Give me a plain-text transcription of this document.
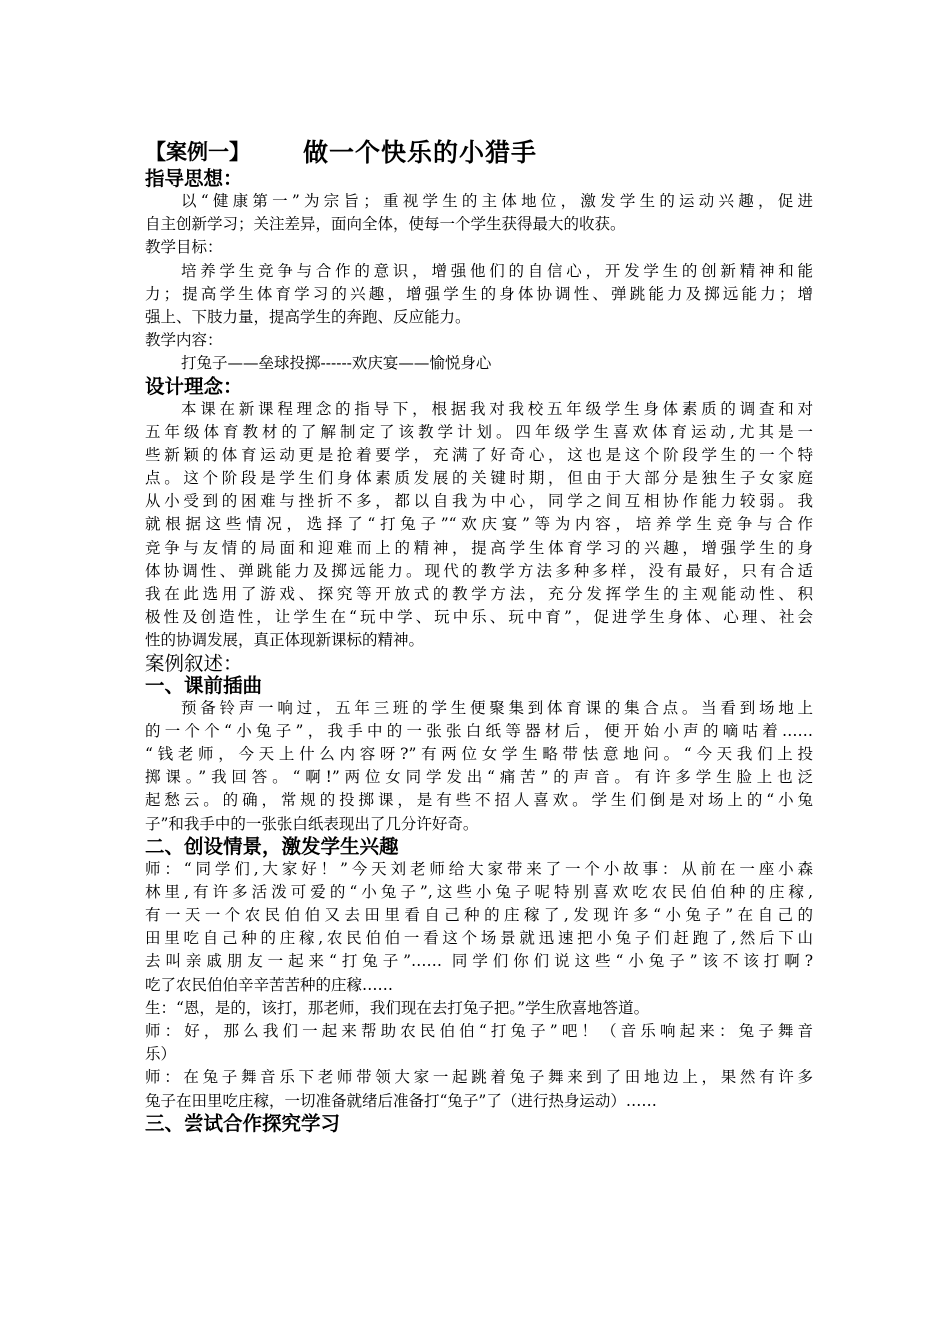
【案例一】	做一个快乐的小猎手
指导思想：
以“健康第一”为宗旨；重视学生的主体地位，激发学生的运动兴趣，促进
自主创新学习；关注差异，面向全体，使每一个学生获得最大的收获。
教学目标：
培养学生竞争与合作的意识，增强他们的自信心，开发学生的创新精神和能
力；提高学生体育学习的兴趣，增强学生的身体协调性、弹跳能力及掷远能力；增
强上、下肢力量，提高学生的奔跑、反应能力。
教学内容：
打兔子——垒球投掷------欢庆宴——愉悦身心
设计理念：
本课在新课程理念的指导下，根据我对我校五年级学生身体素质的调查和对
五年级体育教材的了解制定了该教学计划。四年级学生喜欢体育运动,尤其是一
些新颖的体育运动更是抢着要学，充满了好奇心，这也是这个阶段学生的一个特
点。这个阶段是学生们身体素质发展的关键时期，但由于大部分是独生子女家庭
从小受到的困难与挫折不多，都以自我为中心，同学之间互相协作能力较弱。我
就根据这些情况，选择了“打兔子”“欢庆宴”等为内容，培养学生竞争与合作
竞争与友情的局面和迎难而上的精神，提高学生体育学习的兴趣，增强学生的身
体协调性、弹跳能力及掷远能力。现代的教学方法多种多样，没有最好，只有合适
我在此选用了游戏、探究等开放式的教学方法，充分发挥学生的主观能动性、积
极性及创造性，让学生在“玩中学、玩中乐、玩中育”，促进学生身体、心理、社会
性的协调发展，真正体现新课标的精神。
案例叙述：
一、课前插曲
预备铃声一响过，五年三班的学生便聚集到体育课的集合点。当看到场地上
的一个个“小兔子”，我手中的一张张白纸等器材后，便开始小声的嘀咕着……
“钱老师，今天上什么内容呀?”有两位女学生略带怯意地问。“今天我们上投
掷课。”我回答。“啊!”两位女同学发出“痛苦”的声音。有许多学生脸上也泛
起愁云。的确，常规的投掷课，是有些不招人喜欢。学生们倒是对场上的“小兔
子”和我手中的一张张白纸表现出了几分许好奇。
二、创设情景，激发学生兴趣
师：“同学们,大家好！”今天刘老师给大家带来了一个小故事：从前在一座小森
林里,有许多活泼可爱的“小兔子”,这些小兔子呢特别喜欢吃农民伯伯种的庄稼,
有一天一个农民伯伯又去田里看自己种的庄稼了,发现许多“小兔子”在自己的
田里吃自己种的庄稼,农民伯伯一看这个场景就迅速把小兔子们赶跑了,然后下山
去叫亲戚朋友一起来“打兔子”…… 同学们你们说这些“小兔子”该不该打啊?
吃了农民伯伯辛辛苦苦种的庄稼……
生：“恩，是的，该打，那老师，我们现在去打兔子把。”学生欣喜地答道。
师：好，那么我们一起来帮助农民伯伯“打兔子”吧！（音乐响起来：兔子舞音
乐）
师：在兔子舞音乐下老师带领大家一起跳着兔子舞来到了田地边上，果然有许多
兔子在田里吃庄稼，一切准备就绪后准备打“兔子”了（进行热身运动）……
三、尝试合作探究学习
